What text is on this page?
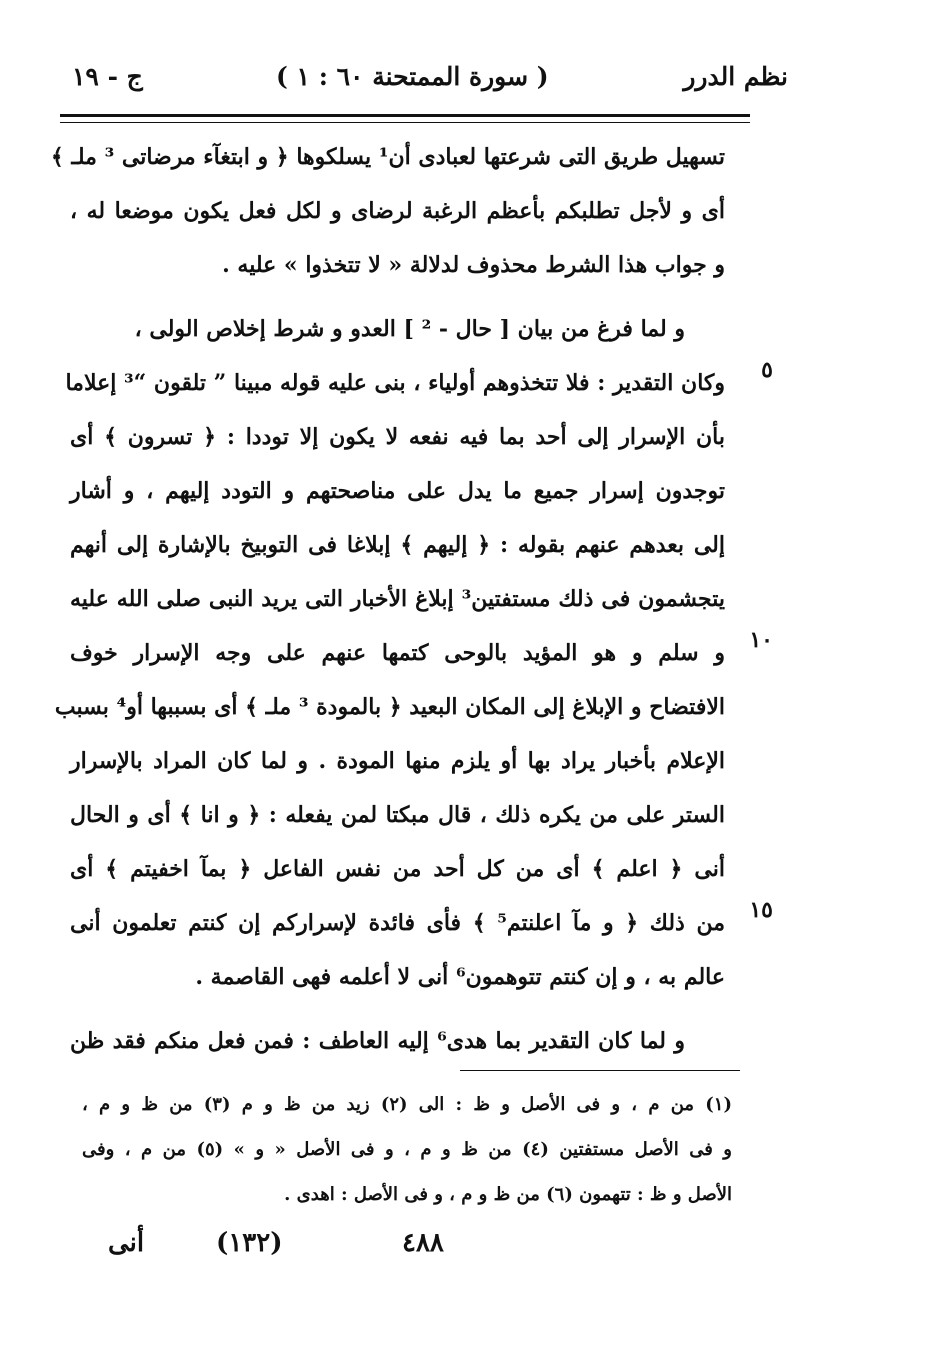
ج - ١٩	( سورة الممتحنة ٦٠ : ١ )	نظم الدرر
تسهيل طريق التى شرعتها لعبادى أن¹ يسلكوها ﴿ و ابتغآء مرضاتى ³ ملـ ﴾
أى و لأجل تطلبكم بأعظم الرغبة لرضاى و لكل فعل يكون موضعا له ،
و جواب هذا الشرط محذوف لدلالة « لا تتخذوا » عليه .
و لما فرغ من بيان [ حال - ² ] العدو و شرط إخلاص الولى ،
وكان التقدير : فلا تتخذوهم أولياء ، بنى عليه قوله مبينا ” تلقون “³ إعلاما
بأن الإسرار إلى أحد بما فيه نفعه لا يكون إلا توددا : ﴿ تسرون ﴾ أى
توجدون إسرار جميع ما يدل على مناصحتهم و التودد إليهم ، و أشار
إلى بعدهم عنهم بقوله : ﴿ إليهم ﴾ إبلاغا فى التوبيخ بالإشارة إلى أنهم
يتجشمون فى ذلك مستفتين³ إبلاغ الأخبار التى يريد النبى صلى الله عليه
و سلم و هو المؤيد بالوحى كتمها عنهم على وجه الإسرار خوف
الافتضاح و الإبلاغ إلى المكان البعيد ﴿ بالمودة ³ ملـ ﴾ أى بسببها أو⁴ بسبب
الإعلام بأخبار يراد بها أو يلزم منها المودة . و لما كان المراد بالإسرار
الستر على من يكره ذلك ، قال مبكتا لمن يفعله : ﴿ و انا ﴾ أى و الحال
أنى ﴿ اعلم ﴾ أى من كل أحد من نفس الفاعل ﴿ بمآ اخفيتم ﴾ أى
من ذلك ﴿ و مآ اعلنتم⁵ ﴾ فأى فائدة لإسراركم إن كنتم تعلمون أنى
عالم به ، و إن كنتم تتوهمون⁶ أنى لا أعلمه فهى القاصمة .
و لما كان التقدير بما هدى⁶ إليه العاطف : فمن فعل منكم فقد ظن
٥
١٠
١٥
(١) من م ، و فى الأصل و ظ : الى (٢) زيد من ظ و م (٣) من ظ و م ،
و فى الأصل مستفتين (٤) من ظ و م ، و فى الأصل « و » (٥) من م ، وفى
الأصل و ظ : تتهمون (٦) من ظ و م ، و فى الأصل : اهدى .
أنى	(١٣٢)	٤٨٨
